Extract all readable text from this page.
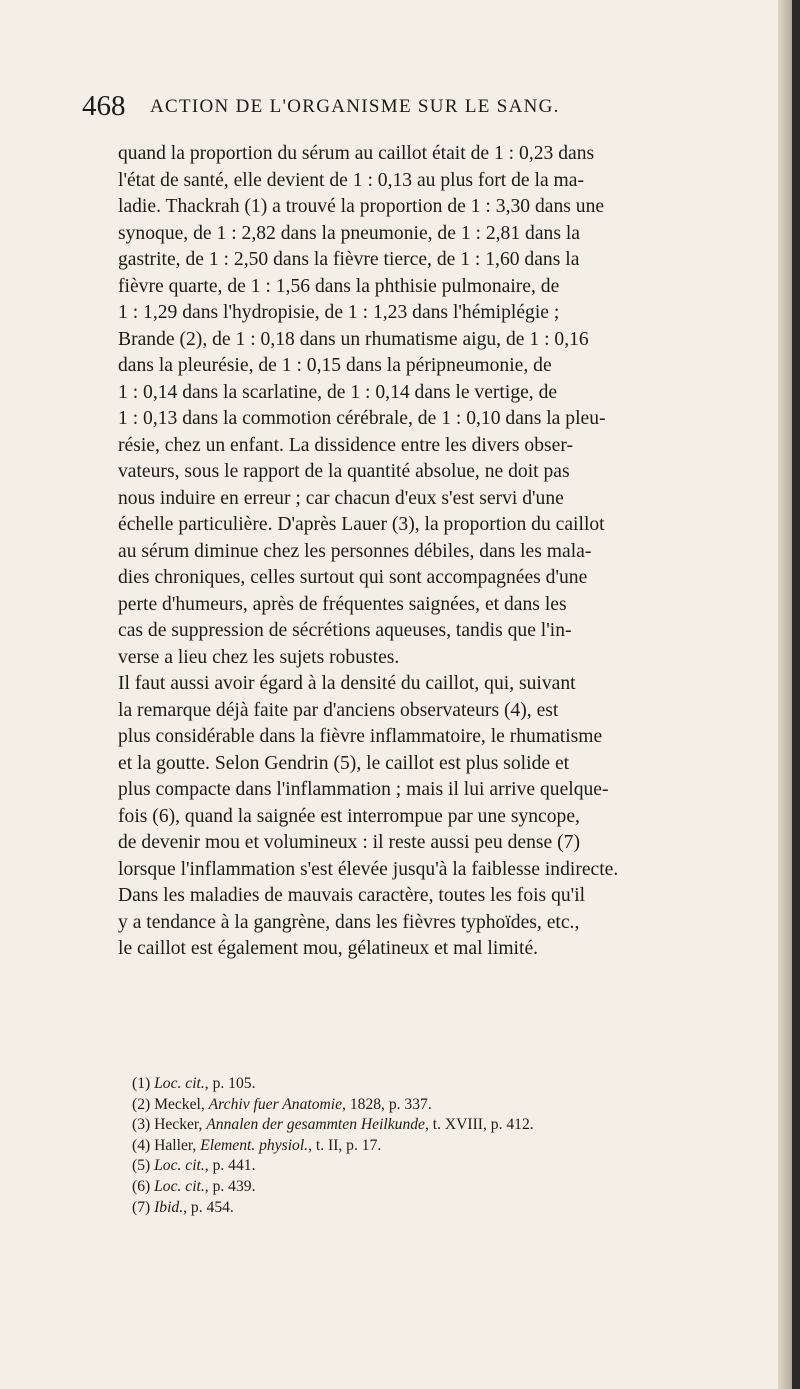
468 ACTION DE L'ORGANISME SUR LE SANG.
quand la proportion du sérum au caillot était de 1 : 0,23 dans
l'état de santé, elle devient de 1 : 0,13 au plus fort de la ma-
ladie. Thackrah (1) a trouvé la proportion de 1 : 3,30 dans une
synoque, de 1 : 2,82 dans la pneumonie, de 1 : 2,81 dans la
gastrite, de 1 : 2,50 dans la fièvre tierce, de 1 : 1,60 dans la
fièvre quarte, de 1 : 1,56 dans la phthisie pulmonaire, de
1 : 1,29 dans l'hydropisie, de 1 : 1,23 dans l'hémiplégie ;
Brande (2), de 1 : 0,18 dans un rhumatisme aigu, de 1 : 0,16
dans la pleurésie, de 1 : 0,15 dans la péripneumonie, de
1 : 0,14 dans la scarlatine, de 1 : 0,14 dans le vertige, de
1 : 0,13 dans la commotion cérébrale, de 1 : 0,10 dans la pleu-
résie, chez un enfant. La dissidence entre les divers obser-
vateurs, sous le rapport de la quantité absolue, ne doit pas
nous induire en erreur ; car chacun d'eux s'est servi d'une
échelle particulière. D'après Lauer (3), la proportion du caillot
au sérum diminue chez les personnes débiles, dans les mala-
dies chroniques, celles surtout qui sont accompagnées d'une
perte d'humeurs, après de fréquentes saignées, et dans les
cas de suppression de sécrétions aqueuses, tandis que l'in-
verse a lieu chez les sujets robustes.
Il faut aussi avoir égard à la densité du caillot, qui, suivant
la remarque déjà faite par d'anciens observateurs (4), est
plus considérable dans la fièvre inflammatoire, le rhumatisme
et la goutte. Selon Gendrin (5), le caillot est plus solide et
plus compacte dans l'inflammation ; mais il lui arrive quelque-
fois (6), quand la saignée est interrompue par une syncope,
de devenir mou et volumineux : il reste aussi peu dense (7)
lorsque l'inflammation s'est élevée jusqu'à la faiblesse indirecte.
Dans les maladies de mauvais caractère, toutes les fois qu'il
y a tendance à la gangrène, dans les fièvres typhoïdes, etc.,
le caillot est également mou, gélatineux et mal limité.
(1) Loc. cit., p. 105.
(2) Meckel, Archiv fuer Anatomie, 1828, p. 337.
(3) Hecker, Annalen der gesammten Heilkunde, t. XVIII, p. 412.
(4) Haller, Element. physiol., t. II, p. 17.
(5) Loc. cit., p. 441.
(6) Loc. cit., p. 439.
(7) Ibid., p. 454.
